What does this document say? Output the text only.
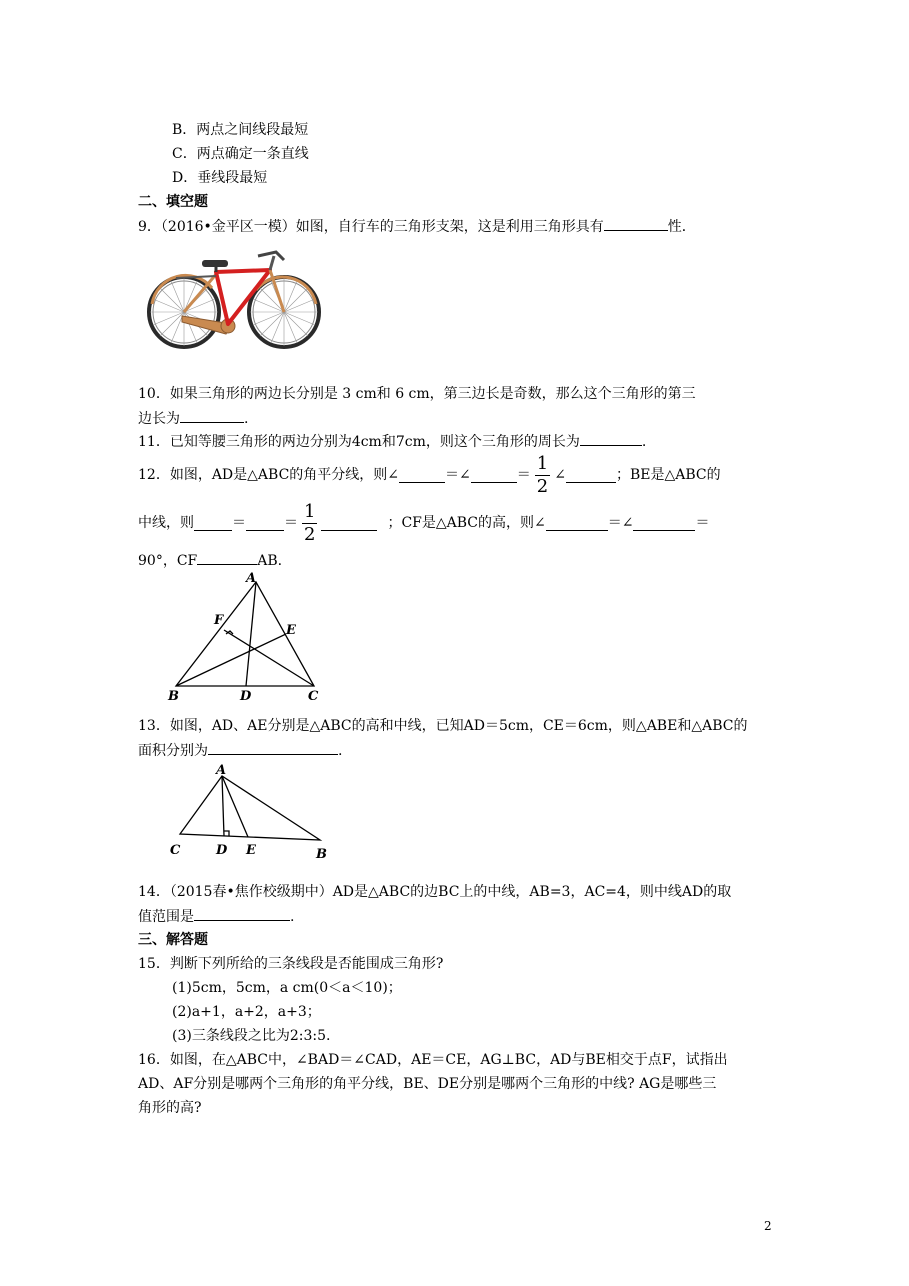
B．两点之间线段最短
C．两点确定一条直线
D．垂线段最短
二、填空题
9．（2016•金平区一模）如图，自行车的三角形支架，这是利用三角形具有	性．
10．如果三角形的两边长分别是 3 cm和 6 cm，第三边长是奇数，那么这个三角形的第三
边长为	.
11．已知等腰三角形的两边分别为4cm和7cm，则这个三角形的周长为	.
12．如图，AD是△ABC的角平分线，则∠	＝ ∠	＝ $\frac{1}{2}$ ∠	；BE是△ABC的
中线，则	＝	＝ $\frac{1}{2}$	；CF是△ABC的高，则∠	＝ ∠	＝
90°，CF	AB.
A
B	C
D
E
F
13．如图，AD、AE分别是△ABC的高和中线，已知AD＝5cm，CE＝6cm，则△ABE和△ABC的
面积分别为	.
A
C	D E	B
14．（2015春•焦作校级期中）AD是△ABC的边BC上的中线，AB=3，AC=4，则中线AD的取
值范围是	.
三、解答题
15．判断下列所给的三条线段是否能围成三角形?
(1)5cm，5cm，a cm(0＜a＜10)；
(2)a+1，a+2，a+3；
(3)三条线段之比为2:3:5.
16．如图，在△ABC中，∠BAD＝∠CAD，AE＝CE，AG⊥BC，AD与BE相交于点F，试指出
AD、AF分别是哪两个三角形的角平分线，BE、DE分别是哪两个三角形的中线? AG是哪些三
角形的高?
2
